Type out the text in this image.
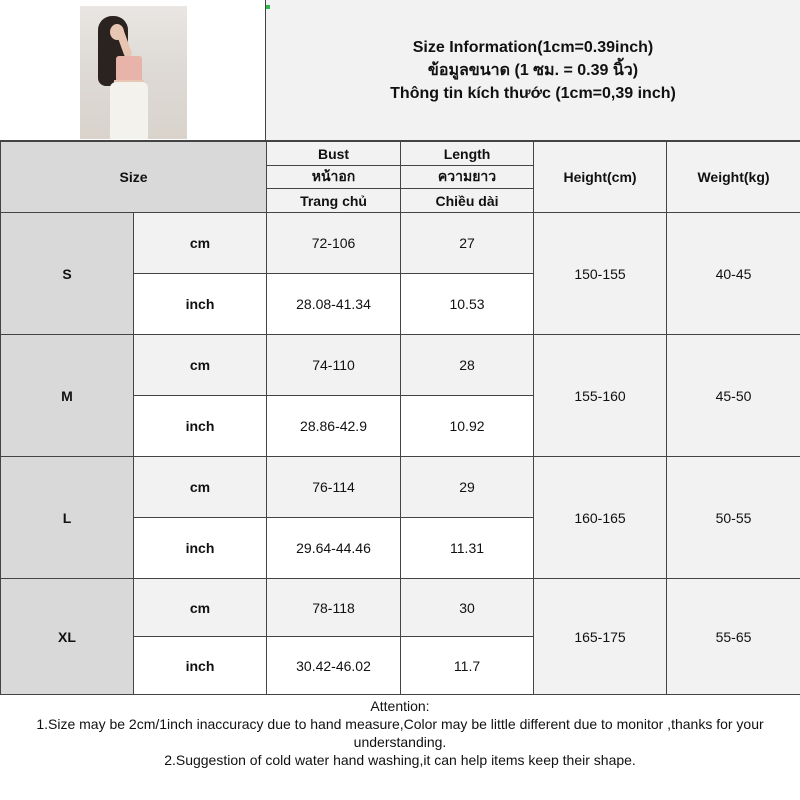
Size Information(1cm=0.39inch)
ข้อมูลขนาด (1 ซม. = 0.39 นิ้ว)
Thông tin kích thước (1cm=0,39 inch)
Size		Bust	Length	Height(cm)	Weight(kg)
		หน้าอก	ความยาว		
		Trang chủ	Chiều dài		
S	cm	72-106	27	150-155	40-45
	inch	28.08-41.34	10.53		
M	cm	74-110	28	155-160	45-50
	inch	28.86-42.9	10.92		
L	cm	76-114	29	160-165	50-55
	inch	29.64-44.46	11.31		
XL	cm	78-118	30	165-175	55-65
	inch	30.42-46.02	11.7		

Attention:

1.Size may be 2cm/1inch inaccuracy due to hand measure,Color may be little different due to monitor ,thanks for your understanding.

2.Suggestion of cold water hand washing,it can help items keep their shape.
